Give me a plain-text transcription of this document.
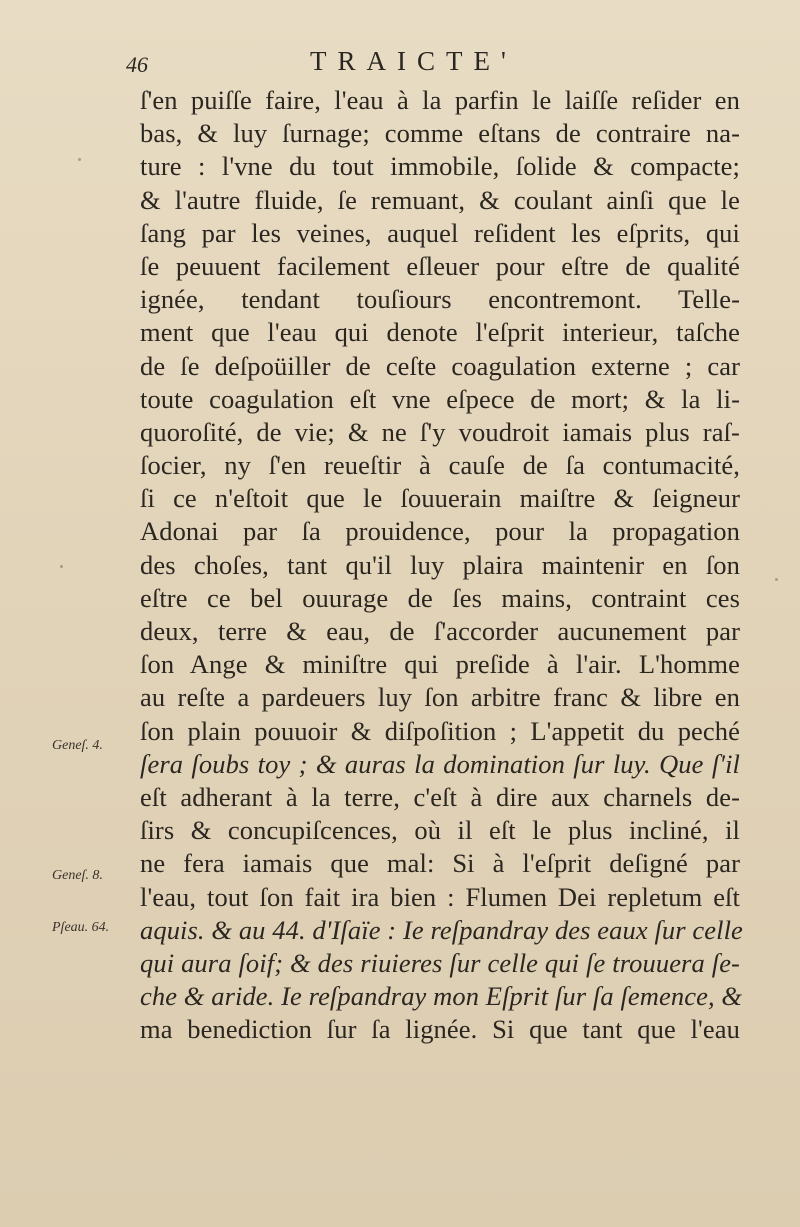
46	TRAICTE'
ſ'en puiſſe faire, l'eau à la parfin le laiſſe reſider en
bas, & luy ſurnage; comme eſtans de contraire na-
ture : l'vne du tout immobile, ſolide & compacte;
& l'autre fluide, ſe remuant, & coulant ainſi que le
ſang par les veines, auquel reſident les eſprits, qui
ſe peuuent facilement eſleuer pour eſtre de qualité
ignée, tendant touſiours encontremont. Telle-
ment que l'eau qui denote l'eſprit interieur, taſche
de ſe deſpoüiller de ceſte coagulation externe ; car
toute coagulation eſt vne eſpece de mort; & la li-
quoroſité, de vie; & ne ſ'y voudroit iamais plus raſ-
ſocier, ny ſ'en reueſtir à cauſe de ſa contumacité,
ſi ce n'eſtoit que le ſouuerain maiſtre & ſeigneur
Adonai par ſa prouidence, pour la propagation
des choſes, tant qu'il luy plaira maintenir en ſon
eſtre ce bel ouurage de ſes mains, contraint ces
deux, terre & eau, de ſ'accorder aucunement par
ſon Ange & miniſtre qui preſide à l'air. L'homme
au reſte a pardeuers luy ſon arbitre franc & libre en
ſon plain pouuoir & diſpoſition ; L'appetit du peché
ſera ſoubs toy ; & auras la domination ſur luy. Que ſ'il
eſt adherant à la terre, c'eſt à dire aux charnels de-
ſirs & concupiſcences, où il eſt le plus incliné, il
ne fera iamais que mal: Si à l'eſprit deſigné par
l'eau, tout ſon fait ira bien : Flumen Dei repletum eſt
aquis. & au 44. d'Iſaïe : Ie reſpandray des eaux ſur celle
qui aura ſoif; & des riuieres ſur celle qui ſe trouuera ſe-
che & aride. Ie reſpandray mon Eſprit ſur ſa ſemence, &
ma benediction ſur ſa lignée. Si que tant que l'eau
Geneſ. 4.
Geneſ. 8.
Pſeau. 64.
